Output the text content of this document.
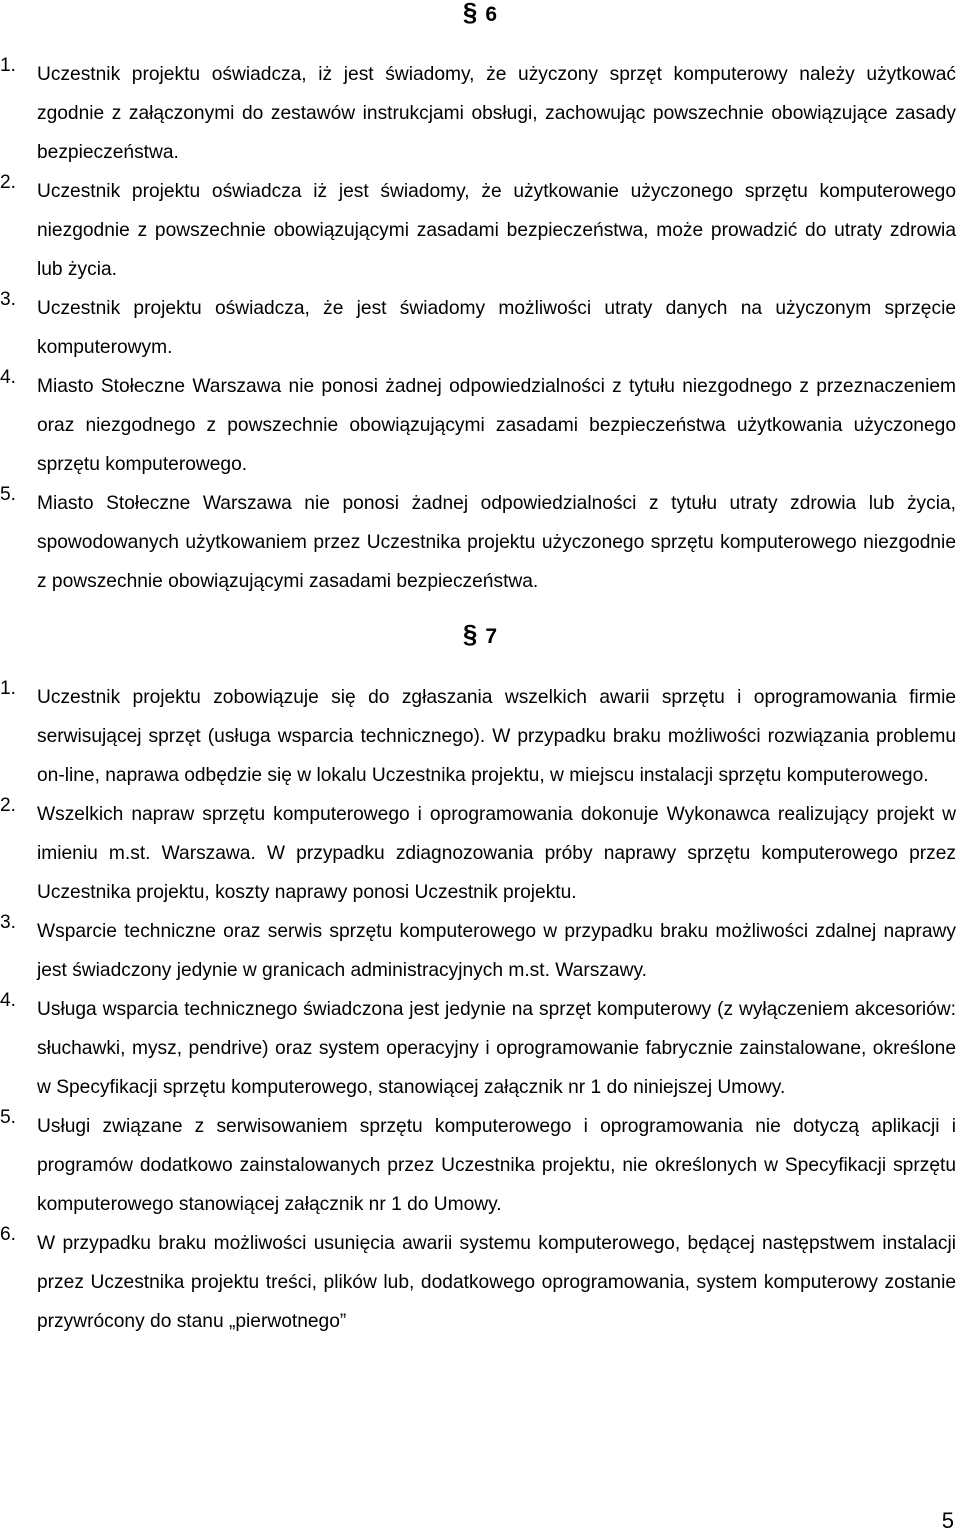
§ 6
1. Uczestnik projektu oświadcza, iż jest świadomy, że użyczony sprzęt komputerowy należy użytkować zgodnie z załączonymi do zestawów instrukcjami obsługi, zachowując powszechnie obowiązujące zasady bezpieczeństwa.
2. Uczestnik projektu oświadcza iż jest świadomy, że użytkowanie użyczonego sprzętu komputerowego niezgodnie z powszechnie obowiązującymi zasadami bezpieczeństwa, może prowadzić do utraty zdrowia lub życia.
3. Uczestnik projektu oświadcza, że jest świadomy możliwości utraty danych na użyczonym sprzęcie komputerowym.
4. Miasto Stołeczne Warszawa nie ponosi żadnej odpowiedzialności z tytułu niezgodnego z przeznaczeniem oraz niezgodnego z powszechnie obowiązującymi zasadami bezpieczeństwa użytkowania użyczonego sprzętu komputerowego.
5. Miasto Stołeczne Warszawa nie ponosi żadnej odpowiedzialności z tytułu utraty zdrowia lub życia, spowodowanych użytkowaniem przez Uczestnika projektu użyczonego sprzętu komputerowego niezgodnie z powszechnie obowiązującymi zasadami bezpieczeństwa.
§ 7
1. Uczestnik projektu zobowiązuje się do zgłaszania wszelkich awarii sprzętu i oprogramowania firmie serwisującej sprzęt (usługa wsparcia technicznego). W przypadku braku możliwości rozwiązania problemu on-line, naprawa odbędzie się w lokalu Uczestnika projektu, w miejscu instalacji sprzętu komputerowego.
2. Wszelkich napraw sprzętu komputerowego i oprogramowania dokonuje Wykonawca realizujący projekt w imieniu m.st. Warszawa. W przypadku zdiagnozowania próby naprawy sprzętu komputerowego przez Uczestnika projektu, koszty naprawy ponosi Uczestnik projektu.
3. Wsparcie techniczne oraz serwis sprzętu komputerowego w przypadku braku możliwości zdalnej naprawy jest świadczony jedynie w granicach administracyjnych m.st. Warszawy.
4. Usługa wsparcia technicznego świadczona jest jedynie na sprzęt komputerowy (z wyłączeniem akcesoriów: słuchawki, mysz, pendrive) oraz system operacyjny i oprogramowanie fabrycznie zainstalowane, określone w Specyfikacji sprzętu komputerowego, stanowiącej załącznik nr 1 do niniejszej Umowy.
5. Usługi związane z serwisowaniem sprzętu komputerowego i oprogramowania nie dotyczą aplikacji i programów dodatkowo zainstalowanych przez Uczestnika projektu, nie określonych w Specyfikacji sprzętu komputerowego stanowiącej załącznik nr 1 do Umowy.
6. W przypadku braku możliwości usunięcia awarii systemu komputerowego, będącej następstwem instalacji przez Uczestnika projektu treści, plików lub, dodatkowego oprogramowania, system komputerowy zostanie przywrócony do stanu „pierwotnego”

5
